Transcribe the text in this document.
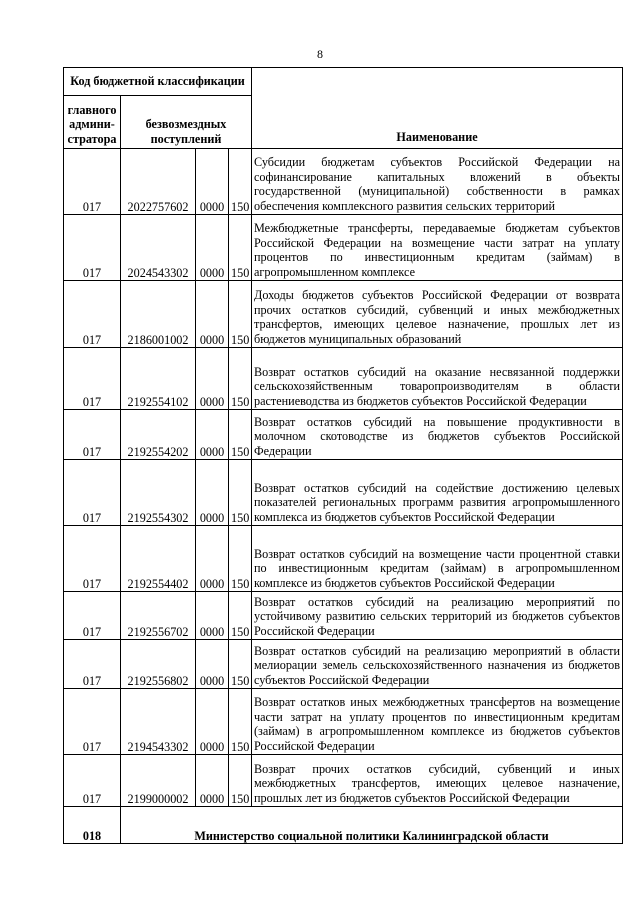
8
Код бюджетной классификации				Наименование
главного админи-стратора	безвозмездных поступлений			
017	2022757602	0000	150	Субсидии бюджетам субъектов Российской Федерации на софинансирование капитальных вложений в объекты государственной (муниципальной) собственности в рамках обеспечения комплексного развития сельских территорий
017	2024543302	0000	150	Межбюджетные трансферты, передаваемые бюджетам субъектов Российской Федерации на возмещение части затрат на уплату процентов по инвестиционным кредитам (займам) в агропромышленном комплексе
017	2186001002	0000	150	Доходы бюджетов субъектов Российской Федерации от возврата прочих остатков субсидий, субвенций и иных межбюджетных трансфертов, имеющих целевое назначение, прошлых лет из бюджетов муниципальных образований
017	2192554102	0000	150	Возврат остатков субсидий на оказание несвязанной поддержки сельскохозяйственным товаропроизводителям в области растениеводства из бюджетов субъектов Российской Федерации
017	2192554202	0000	150	Возврат остатков субсидий на повышение продуктивности в молочном скотоводстве из бюджетов субъектов Российской Федерации
017	2192554302	0000	150	Возврат остатков субсидий на содействие достижению целевых показателей региональных программ развития агропромышленного комплекса из бюджетов субъектов Российской Федерации
017	2192554402	0000	150	Возврат остатков субсидий на возмещение части процентной ставки по инвестиционным кредитам (займам) в агропромышленном комплексе из бюджетов субъектов Российской Федерации
017	2192556702	0000	150	Возврат остатков субсидий на реализацию мероприятий по устойчивому развитию сельских территорий из бюджетов субъектов Российской Федерации
017	2192556802	0000	150	Возврат остатков субсидий на реализацию мероприятий в области мелиорации земель сельскохозяйственного назначения из бюджетов субъектов Российской Федерации
017	2194543302	0000	150	Возврат остатков иных межбюджетных трансфертов на возмещение части затрат на уплату процентов по инвестиционным кредитам (займам) в агропромышленном комплексе из бюджетов субъектов Российской Федерации
017	2199000002	0000	150	Возврат прочих остатков субсидий, субвенций и иных межбюджетных трансфертов, имеющих целевое назначение, прошлых лет из бюджетов субъектов Российской Федерации
018	Министерство социальной политики Калининградской области			
